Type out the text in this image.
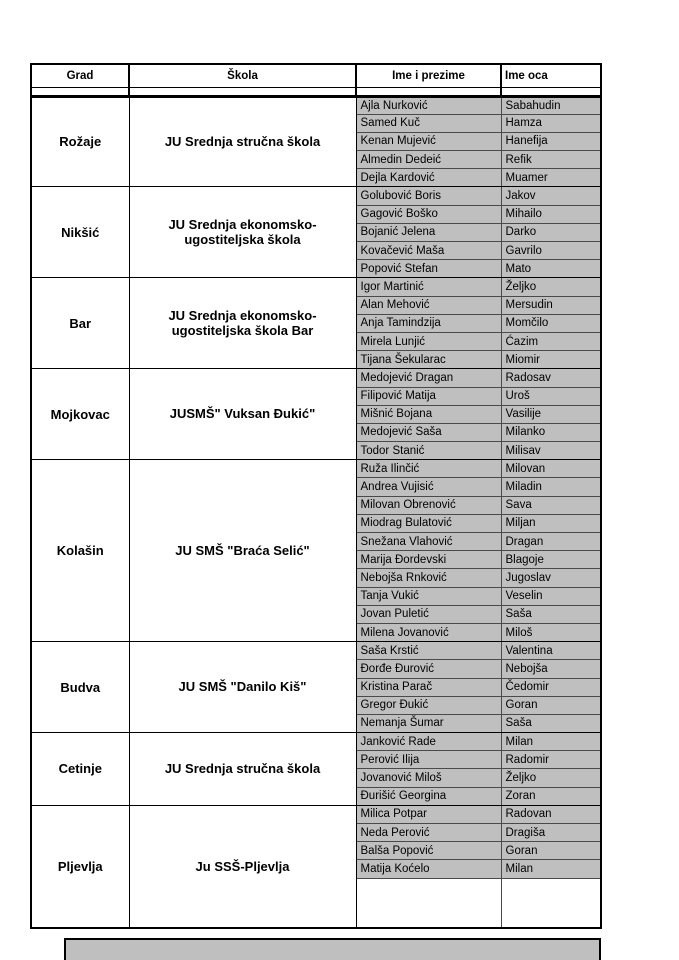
Grad	Škola	Ime i prezime	Ime oca

Rožaje	JU Srednja stručna škola	Ajla Nurković	Sabahudin
		Samed Kuč	Hamza
		Kenan Mujević	Hanefija
		Almedin Dedeić	Refik
		Dejla Kardović	Muamer
Nikšić	JU Srednja ekonomsko-ugostiteljska škola	Golubović Boris	Jakov
		Gagović Boško	Mihailo
		Bojanić Jelena	Darko
		Kovačević Maša	Gavrilo
		Popović Stefan	Mato
Bar	JU Srednja ekonomsko-ugostiteljska škola Bar	Igor Martinić	Željko
		Alan Mehović	Mersudin
		Anja Tamindzija	Momčilo
		Mirela Lunjić	Ćazim
		Tijana Šekularac	Miomir
Mojkovac	JUSMŠ" Vuksan Đukić"	Medojević Dragan	Radosav
		Filipović Matija	Uroš
		Mišnić Bojana	Vasilije
		Medojević Saša	Milanko
		Todor Stanić	Milisav
Kolašin	JU SMŠ "Braća Selić"	Ruža Ilinčić	Milovan
		Andrea Vujisić	Miladin
		Milovan Obrenović	Sava
		Miodrag Bulatović	Miljan
		Snežana Vlahović	Dragan
		Marija Đordevski	Blagoje
		Nebojša Rnković	Jugoslav
		Tanja Vukić	Veselin
		Jovan Puletić	Saša
		Milena Jovanović	Miloš
Budva	JU SMŠ "Danilo Kiš"	Saša Krstić	Valentina
		Đorđe Đurović	Nebojša
		Kristina Parač	Čedomir
		Gregor Đukić	Goran
		Nemanja Šumar	Saša
Cetinje	JU Srednja stručna škola	Janković Rade	Milan
		Perović Ilija	Radomir
		Jovanović Miloš	Željko
		Đurišić Georgina	Zoran
Pljevlja	Ju SSŠ-Pljevlja	Milica Potpar	Radovan
		Neda Perović	Dragiša
		Balša Popović	Goran
		Matija Koćelo	Milan
